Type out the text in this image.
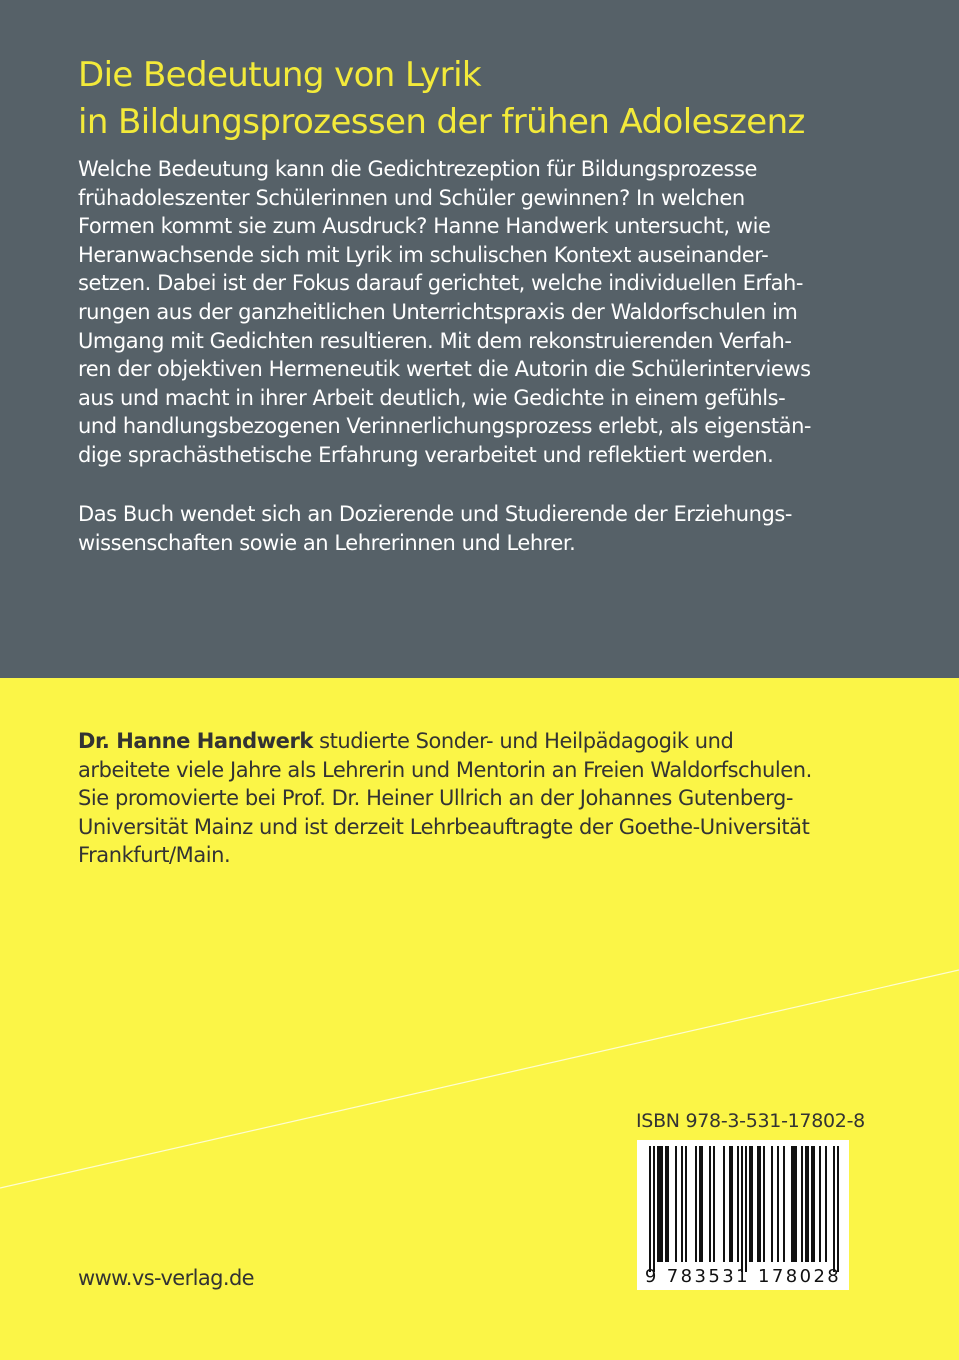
Die Bedeutung von Lyrik
in Bildungsprozessen der frühen Adoleszenz
Welche Bedeutung kann die Gedichtrezeption für Bildungsprozesse
frühadoleszenter Schülerinnen und Schüler gewinnen? In welchen
Formen kommt sie zum Ausdruck? Hanne Handwerk untersucht, wie
Heranwachsende sich mit Lyrik im schulischen Kontext auseinander-
setzen. Dabei ist der Fokus darauf gerichtet, welche individuellen Erfah-
rungen aus der ganzheitlichen Unterrichtspraxis der Waldorfschulen im
Umgang mit Gedichten resultieren. Mit dem rekonstruierenden Verfah-
ren der objektiven Hermeneutik wertet die Autorin die Schülerinterviews
aus und macht in ihrer Arbeit deutlich, wie Gedichte in einem gefühls-
und handlungsbezogenen Verinnerlichungsprozess erlebt, als eigenstän-
dige sprachästhetische Erfahrung verarbeitet und reflektiert werden.
Das Buch wendet sich an Dozierende und Studierende der Erziehungs-
wissenschaften sowie an Lehrerinnen und Lehrer.
Dr. Hanne Handwerk studierte Sonder- und Heilpädagogik und
arbeitete viele Jahre als Lehrerin und Mentorin an Freien Waldorfschulen.
Sie promovierte bei Prof. Dr. Heiner Ullrich an der Johannes Gutenberg-
Universität Mainz und ist derzeit Lehrbeauftragte der Goethe-Universität
Frankfurt/Main.
ISBN 978-3-531-17802-8
9 783531 178028
www.vs-verlag.de
